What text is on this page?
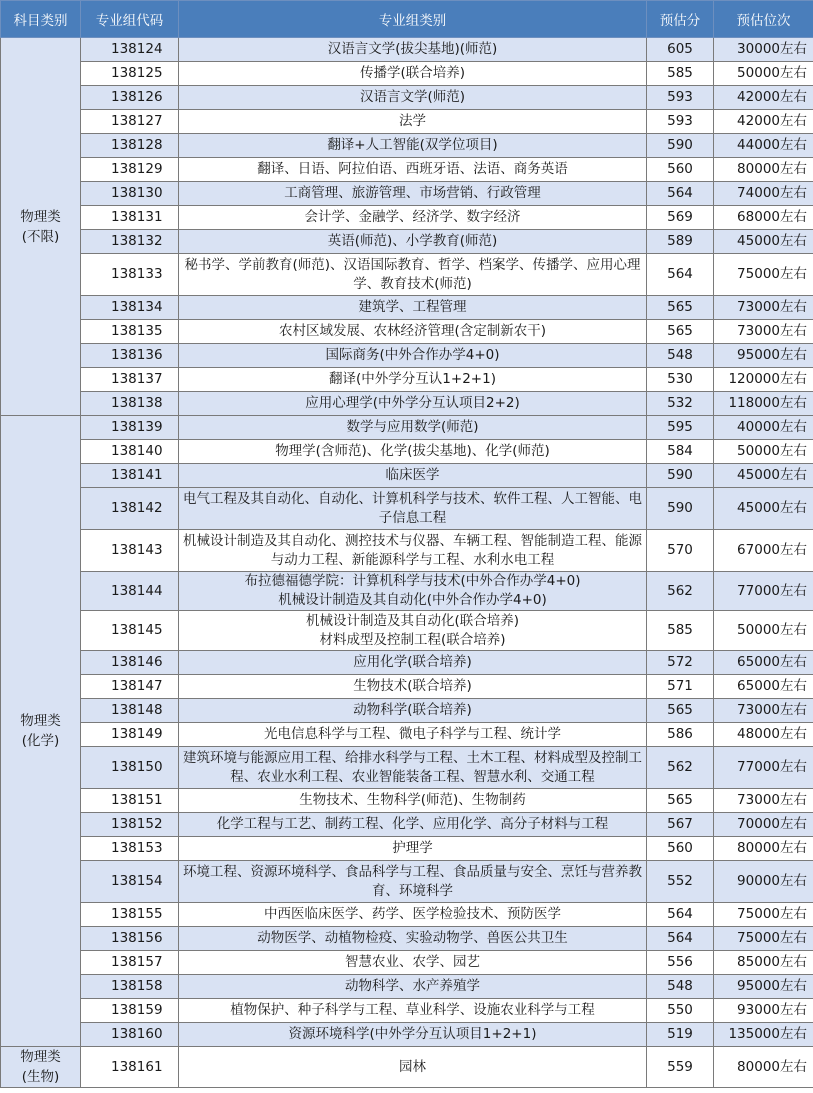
科目类别	专业组代码	专业组类别	预估分	预估位次
物理类
(不限)	138124	汉语言文学(拔尖基地)(师范)	605	30000左右
	138125	传播学(联合培养)	585	50000左右
	138126	汉语言文学(师范)	593	42000左右
	138127	法学	593	42000左右
	138128	翻译+人工智能(双学位项目)	590	44000左右
	138129	翻译、日语、阿拉伯语、西班牙语、法语、商务英语	560	80000左右
	138130	工商管理、旅游管理、市场营销、行政管理	564	74000左右
	138131	会计学、金融学、经济学、数字经济	569	68000左右
	138132	英语(师范)、小学教育(师范)	589	45000左右
	138133	秘书学、学前教育(师范)、汉语国际教育、哲学、档案学、传播学、应用心理学、教育技术(师范)	564	75000左右
	138134	建筑学、工程管理	565	73000左右
	138135	农村区域发展、农林经济管理(含定制新农干)	565	73000左右
	138136	国际商务(中外合作办学4+0)	548	95000左右
	138137	翻译(中外学分互认1+2+1)	530	120000左右
	138138	应用心理学(中外学分互认项目2+2)	532	118000左右
物理类
(化学)	138139	数学与应用数学(师范)	595	40000左右
	138140	物理学(含师范)、化学(拔尖基地)、化学(师范)	584	50000左右
	138141	临床医学	590	45000左右
	138142	电气工程及其自动化、自动化、计算机科学与技术、软件工程、人工智能、电子信息工程	590	45000左右
	138143	机械设计制造及其自动化、测控技术与仪器、车辆工程、智能制造工程、能源与动力工程、新能源科学与工程、水利水电工程	570	67000左右
	138144	布拉德福德学院：计算机科学与技术(中外合作办学4+0)
机械设计制造及其自动化(中外合作办学4+0)	562	77000左右
	138145	机械设计制造及其自动化(联合培养)
材料成型及控制工程(联合培养)	585	50000左右
	138146	应用化学(联合培养)	572	65000左右
	138147	生物技术(联合培养)	571	65000左右
	138148	动物科学(联合培养)	565	73000左右
	138149	光电信息科学与工程、微电子科学与工程、统计学	586	48000左右
	138150	建筑环境与能源应用工程、给排水科学与工程、土木工程、材料成型及控制工程、农业水利工程、农业智能装备工程、智慧水利、交通工程	562	77000左右
	138151	生物技术、生物科学(师范)、生物制药	565	73000左右
	138152	化学工程与工艺、制药工程、化学、应用化学、高分子材料与工程	567	70000左右
	138153	护理学	560	80000左右
	138154	环境工程、资源环境科学、食品科学与工程、食品质量与安全、烹饪与营养教育、环境科学	552	90000左右
	138155	中西医临床医学、药学、医学检验技术、预防医学	564	75000左右
	138156	动物医学、动植物检疫、实验动物学、兽医公共卫生	564	75000左右
	138157	智慧农业、农学、园艺	556	85000左右
	138158	动物科学、水产养殖学	548	95000左右
	138159	植物保护、种子科学与工程、草业科学、设施农业科学与工程	550	93000左右
	138160	资源环境科学(中外学分互认项目1+2+1)	519	135000左右
物理类
(生物)	138161	园林	559	80000左右
